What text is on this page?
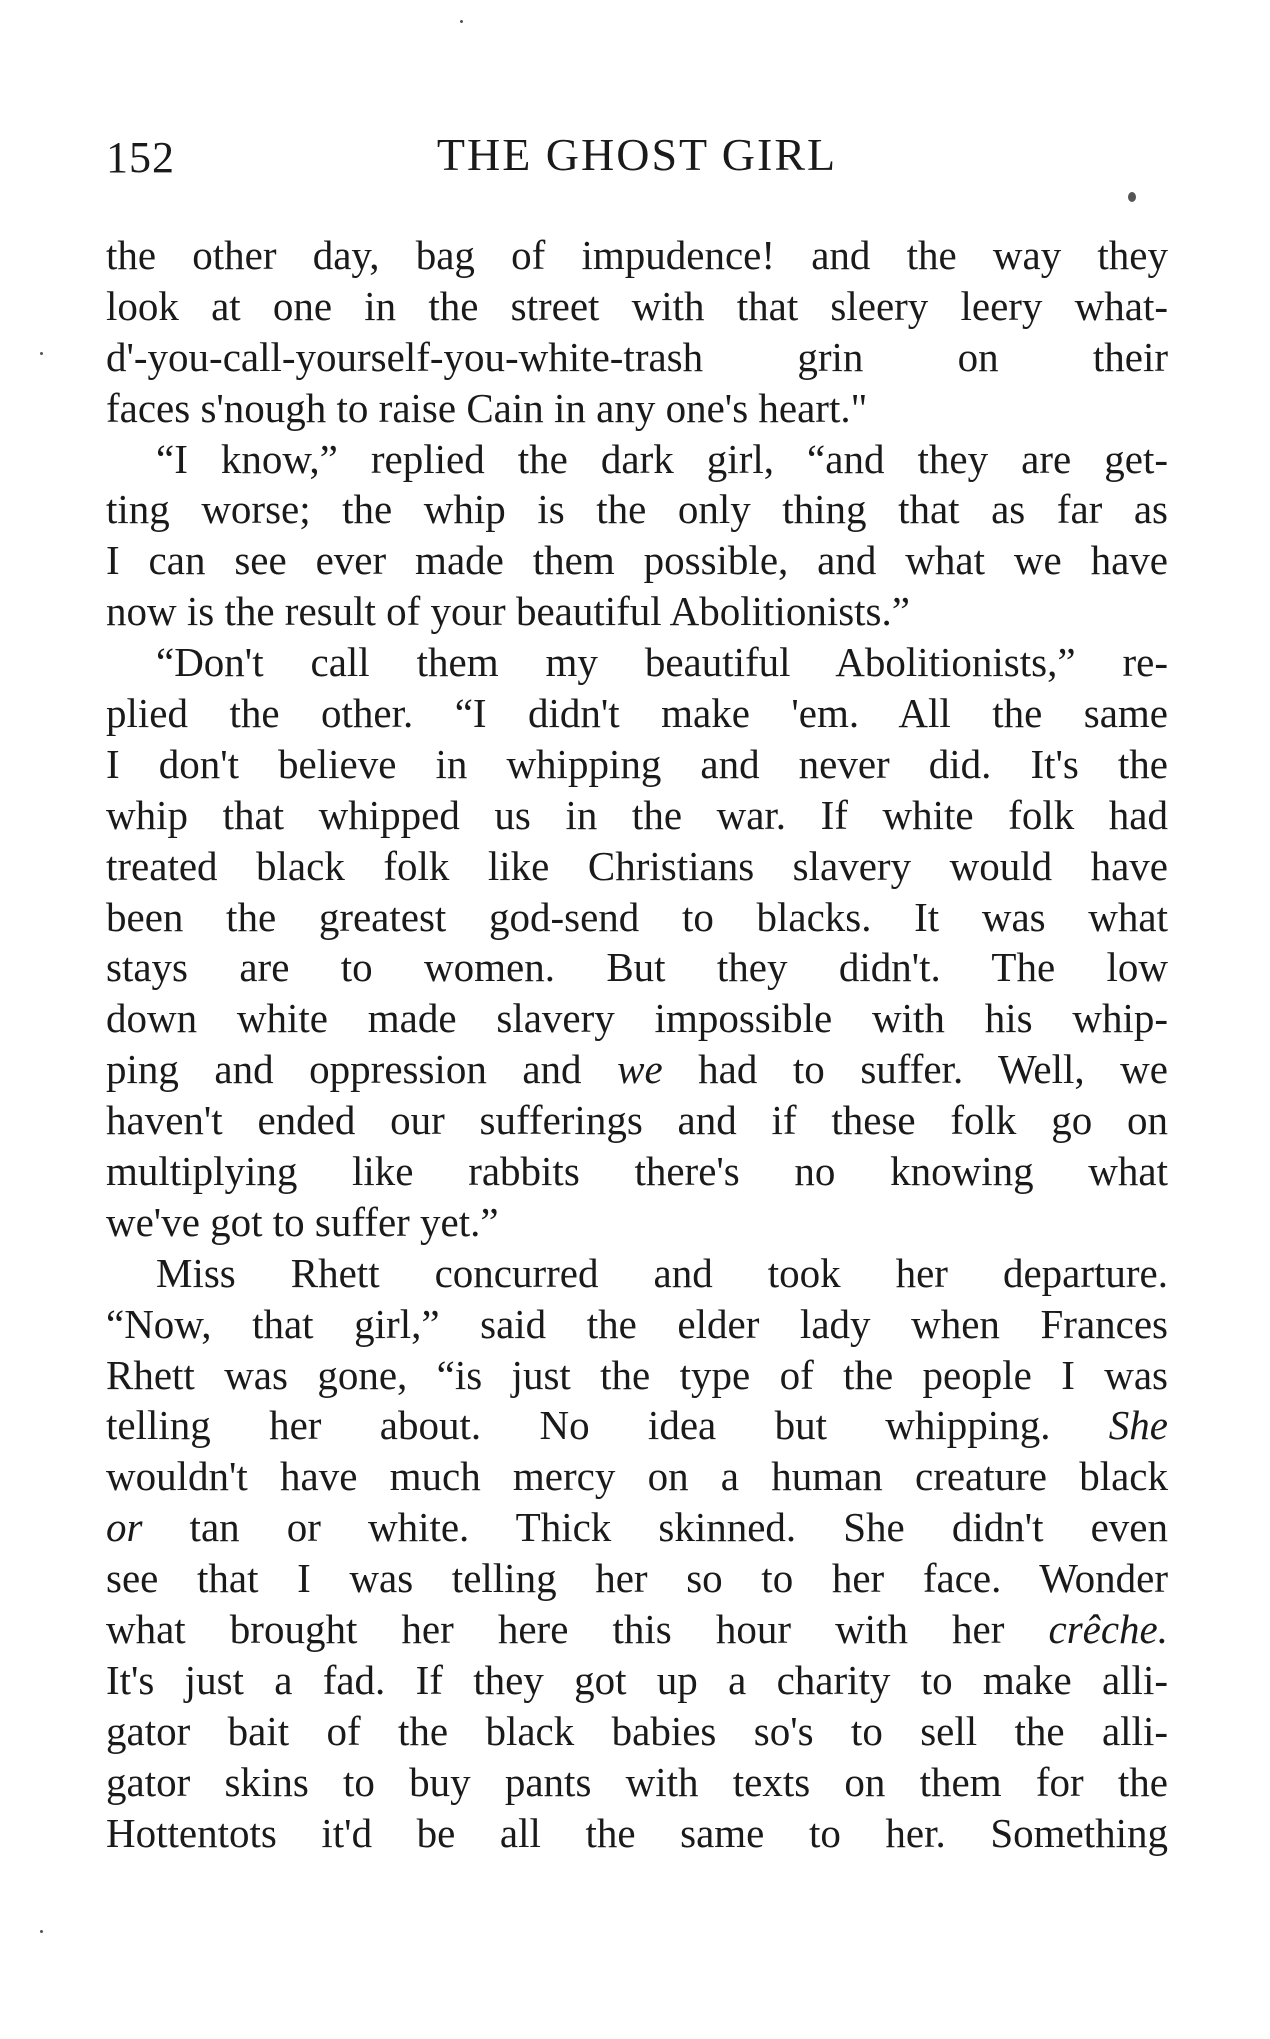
152	THE GHOST GIRL
the other day, bag of impudence! and the way they
look at one in the street with that sleery leery what-
d'-you-call-yourself-you-white-trash grin on their
faces s'nough to raise Cain in any one's heart."
“I know,” replied the dark girl, “and they are get-
ting worse; the whip is the only thing that as far as
I can see ever made them possible, and what we have
now is the result of your beautiful Abolitionists.”
“Don't call them my beautiful Abolitionists,” re-
plied the other. “I didn't make 'em. All the same
I don't believe in whipping and never did. It's the
whip that whipped us in the war. If white folk had
treated black folk like Christians slavery would have
been the greatest god-send to blacks. It was what
stays are to women. But they didn't. The low
down white made slavery impossible with his whip-
ping and oppression and we had to suffer. Well, we
haven't ended our sufferings and if these folk go on
multiplying like rabbits there's no knowing what
we've got to suffer yet.”
Miss Rhett concurred and took her departure.
“Now, that girl,” said the elder lady when Frances
Rhett was gone, “is just the type of the people I was
telling her about. No idea but whipping. She
wouldn't have much mercy on a human creature black
or tan or white. Thick skinned. She didn't even
see that I was telling her so to her face. Wonder
what brought her here this hour with her crêche.
It's just a fad. If they got up a charity to make alli-
gator bait of the black babies so's to sell the alli-
gator skins to buy pants with texts on them for the
Hottentots it'd be all the same to her. Something
